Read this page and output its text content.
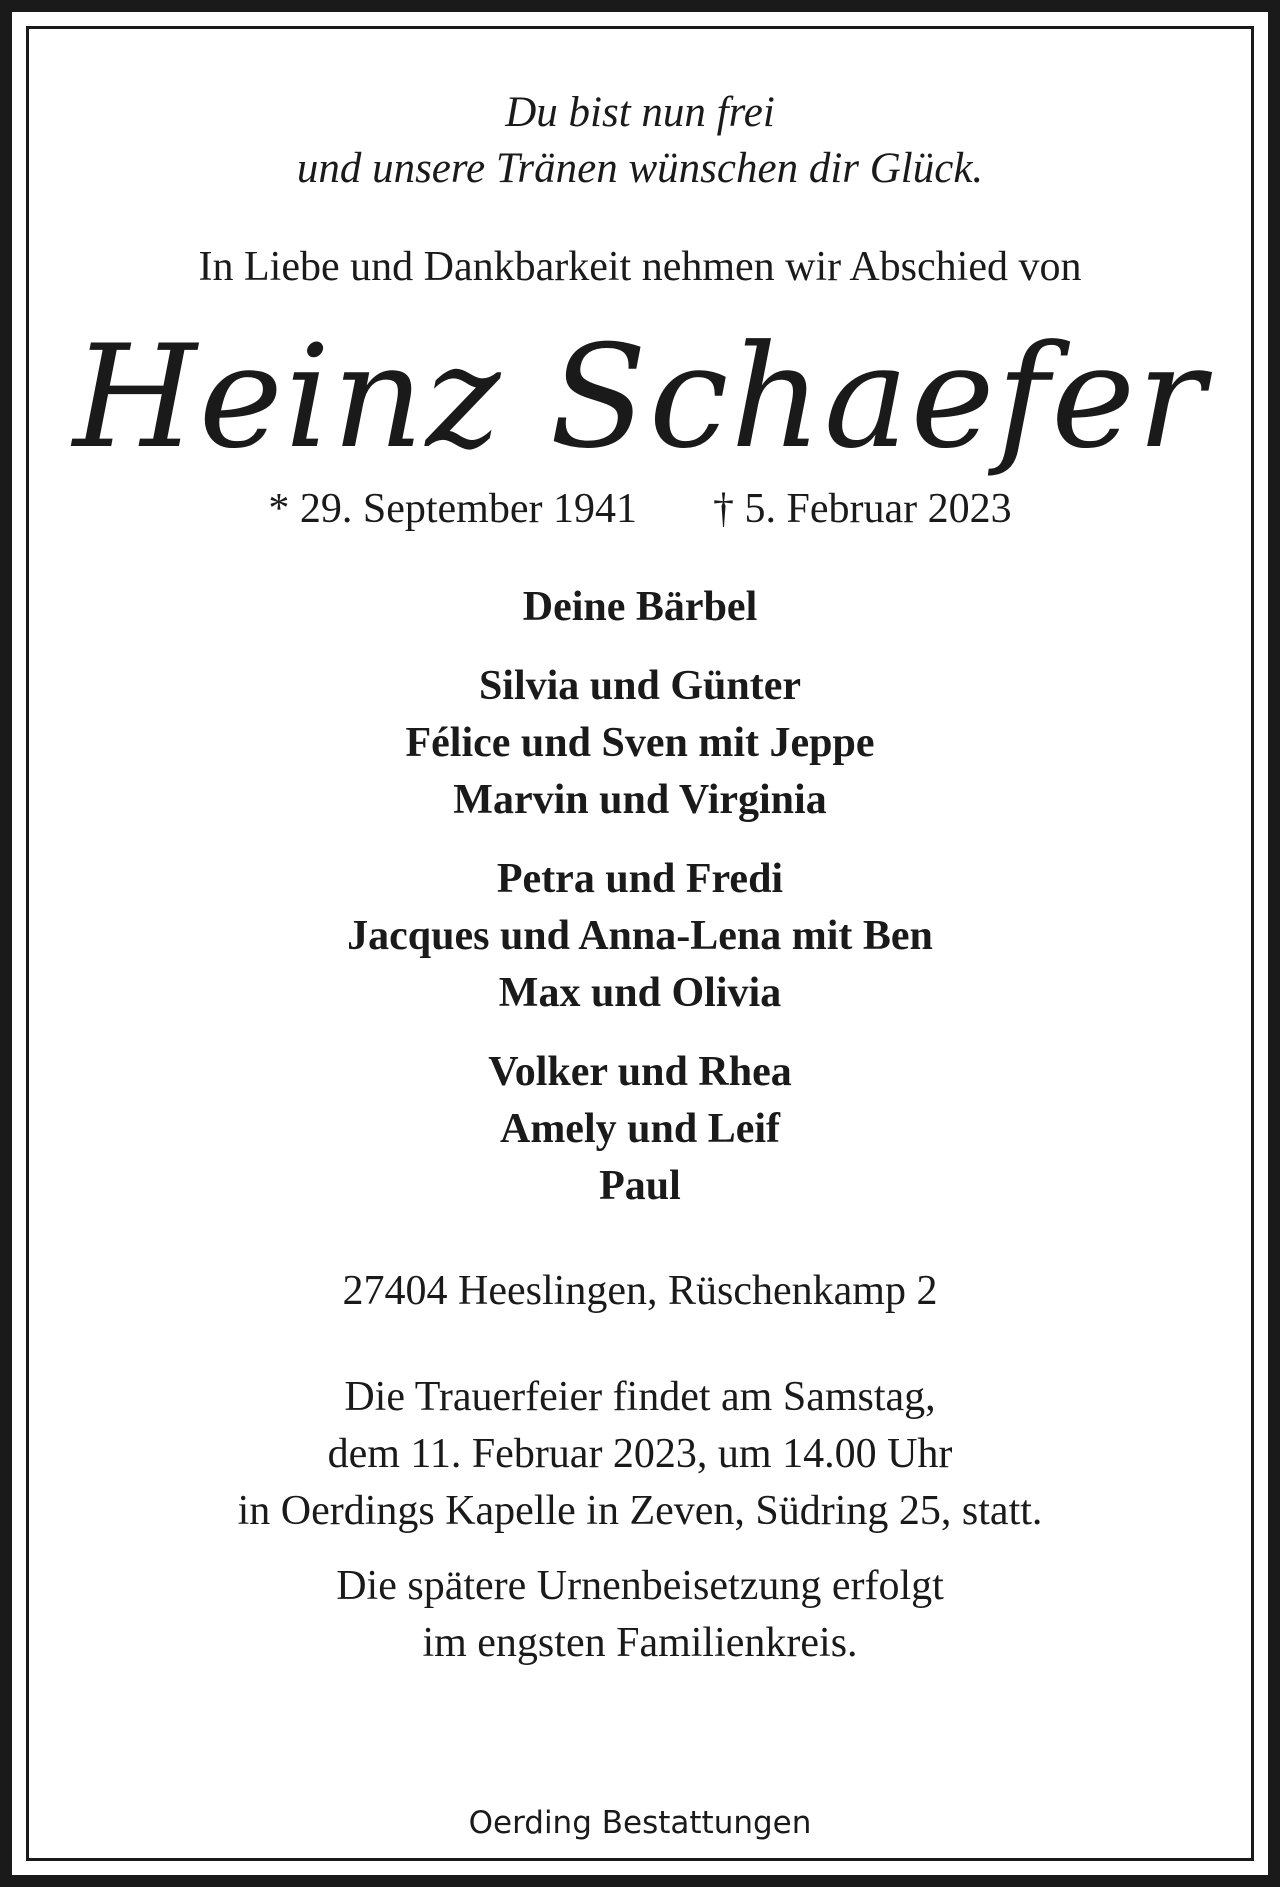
Du bist nun frei
und unsere Tränen wünschen dir Glück.
In Liebe und Dankbarkeit nehmen wir Abschied von
Heinz Schaefer
* 29. September 1941 † 5. Februar 2023
Deine Bärbel
Silvia und Günter
Félice und Sven mit Jeppe
Marvin und Virginia
Petra und Fredi
Jacques und Anna-Lena mit Ben
Max und Olivia
Volker und Rhea
Amely und Leif
Paul
27404 Heeslingen, Rüschenkamp 2
Die Trauerfeier findet am Samstag,
dem 11. Februar 2023, um 14.00 Uhr
in Oerdings Kapelle in Zeven, Südring 25, statt.
Die spätere Urnenbeisetzung erfolgt
im engsten Familienkreis.
Oerding Bestattungen
